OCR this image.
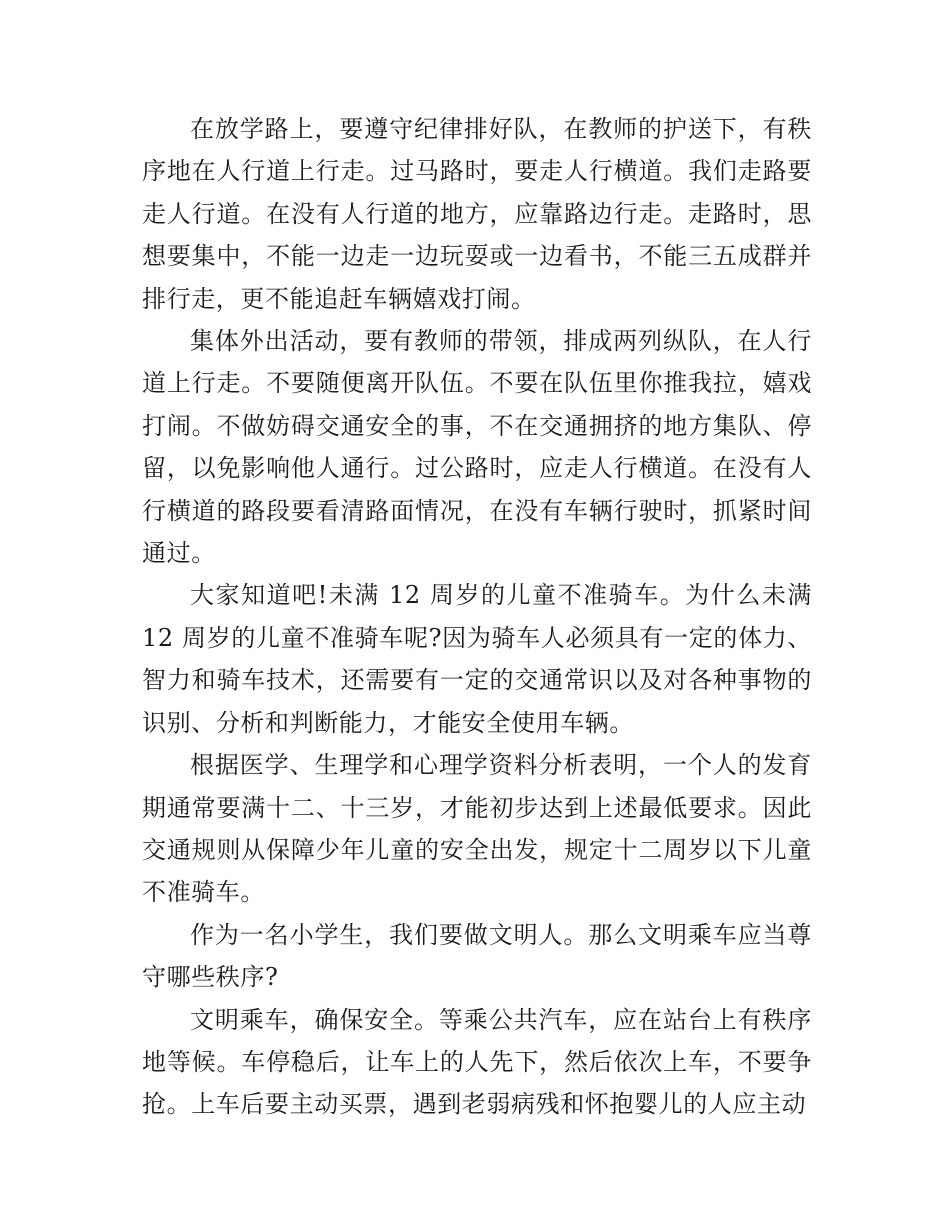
在放学路上，要遵守纪律排好队，在教师的护送下，有秩序地在人行道上行走。过马路时，要走人行横道。我们走路要走人行道。在没有人行道的地方，应靠路边行走。走路时，思想要集中，不能一边走一边玩耍或一边看书，不能三五成群并排行走，更不能追赶车辆嬉戏打闹。

集体外出活动，要有教师的带领，排成两列纵队，在人行道上行走。不要随便离开队伍。不要在队伍里你推我拉，嬉戏打闹。不做妨碍交通安全的事，不在交通拥挤的地方集队、停留，以免影响他人通行。过公路时，应走人行横道。在没有人行横道的路段要看清路面情况，在没有车辆行驶时，抓紧时间通过。

大家知道吧!未满 12 周岁的儿童不准骑车。为什么未满 12 周岁的儿童不准骑车呢?因为骑车人必须具有一定的体力、智力和骑车技术，还需要有一定的交通常识以及对各种事物的识别、分析和判断能力，才能安全使用车辆。

根据医学、生理学和心理学资料分析表明，一个人的发育期通常要满十二、十三岁，才能初步达到上述最低要求。因此交通规则从保障少年儿童的安全出发，规定十二周岁以下儿童不准骑车。

作为一名小学生，我们要做文明人。那么文明乘车应当尊守哪些秩序?

文明乘车，确保安全。等乘公共汽车，应在站台上有秩序地等候。车停稳后，让车上的人先下，然后依次上车，不要争抢。上车后要主动买票，遇到老弱病残和怀抱婴儿的人应主动
